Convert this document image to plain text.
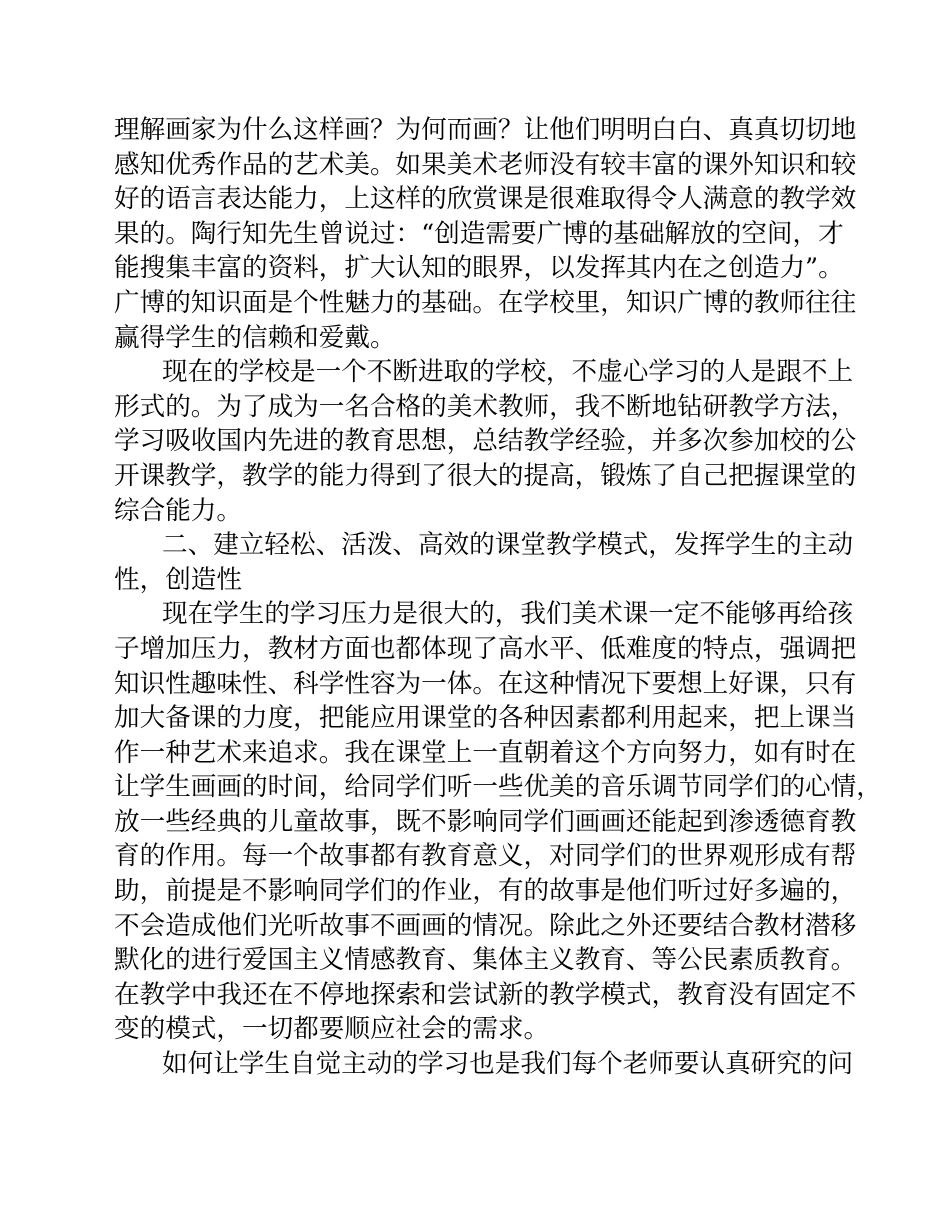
理解画家为什么这样画？为何而画？让他们明明白白、真真切切地
感知优秀作品的艺术美。如果美术老师没有较丰富的课外知识和较
好的语言表达能力，上这样的欣赏课是很难取得令人满意的教学效
果的。陶行知先生曾说过：“创造需要广博的基础解放的空间，才
能搜集丰富的资料，扩大认知的眼界，以发挥其内在之创造力”。
广博的知识面是个性魅力的基础。在学校里，知识广博的教师往往
赢得学生的信赖和爱戴。
现在的学校是一个不断进取的学校，不虚心学习的人是跟不上
形式的。为了成为一名合格的美术教师，我不断地钻研教学方法，
学习吸收国内先进的教育思想，总结教学经验，并多次参加校的公
开课教学，教学的能力得到了很大的提高，锻炼了自己把握课堂的
综合能力。
二、建立轻松、活泼、高效的课堂教学模式，发挥学生的主动
性，创造性
现在学生的学习压力是很大的，我们美术课一定不能够再给孩
子增加压力，教材方面也都体现了高水平、低难度的特点，强调把
知识性趣味性、科学性容为一体。在这种情况下要想上好课，只有
加大备课的力度，把能应用课堂的各种因素都利用起来，把上课当
作一种艺术来追求。我在课堂上一直朝着这个方向努力，如有时在
让学生画画的时间，给同学们听一些优美的音乐调节同学们的心情，
放一些经典的儿童故事，既不影响同学们画画还能起到渗透德育教
育的作用。每一个故事都有教育意义，对同学们的世界观形成有帮
助，前提是不影响同学们的作业，有的故事是他们听过好多遍的，
不会造成他们光听故事不画画的情况。除此之外还要结合教材潜移
默化的进行爱国主义情感教育、集体主义教育、等公民素质教育。
在教学中我还在不停地探索和尝试新的教学模式，教育没有固定不
变的模式，一切都要顺应社会的需求。
如何让学生自觉主动的学习也是我们每个老师要认真研究的问
